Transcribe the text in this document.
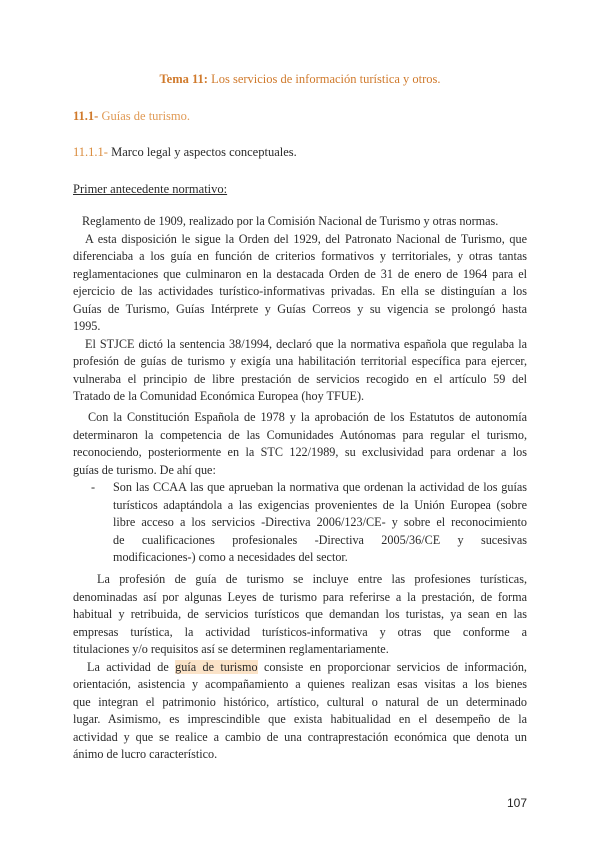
Tema 11: Los servicios de información turística y otros.
11.1- Guías de turismo.
11.1.1- Marco legal y aspectos conceptuales.
Primer antecedente normativo:
Reglamento de 1909, realizado por la Comisión Nacional de Turismo y otras normas.
A esta disposición le sigue la Orden del 1929, del Patronato Nacional de Turismo, que
diferenciaba a los guía en función de criterios formativos y territoriales, y otras tantas
reglamentaciones que culminaron en la destacada Orden de 31 de enero de 1964 para el
ejercicio de las actividades turístico-informativas privadas. En ella se distinguían a los
Guías de Turismo, Guías Intérprete y Guías Correos y su vigencia se prolongó hasta
1995.
El STJCE dictó la sentencia 38/1994, declaró que la normativa española que regulaba la
profesión de guías de turismo y exigía una habilitación territorial específica para ejercer,
vulneraba el principio de libre prestación de servicios recogido en el artículo 59 del
Tratado de la Comunidad Económica Europea (hoy TFUE).
Con la Constitución Española de 1978 y la aprobación de los Estatutos de autonomía
determinaron la competencia de las Comunidades Autónomas para regular el turismo,
reconociendo, posteriormente en la STC 122/1989, su exclusividad para ordenar a los
guías de turismo. De ahí que:
- Son las CCAA las que aprueban la normativa que ordenan la actividad de los guías
turísticos adaptándola a las exigencias provenientes de la Unión Europea (sobre
libre acceso a los servicios -Directiva 2006/123/CE- y sobre el reconocimiento
de cualificaciones profesionales -Directiva 2005/36/CE y sucesivas
modificaciones-) como a necesidades del sector.
La profesión de guía de turismo se incluye entre las profesiones turísticas,
denominadas así por algunas Leyes de turismo para referirse a la prestación, de forma
habitual y retribuida, de servicios turísticos que demandan los turistas, ya sean en las
empresas turística, la actividad turísticos-informativa y otras que conforme a
titulaciones y/o requisitos así se determinen reglamentariamente.
La actividad de guía de turismo consiste en proporcionar servicios de información,
orientación, asistencia y acompañamiento a quienes realizan esas visitas a los bienes
que integran el patrimonio histórico, artístico, cultural o natural de un determinado
lugar. Asimismo, es imprescindible que exista habitualidad en el desempeño de la
actividad y que se realice a cambio de una contraprestación económica que denota un
ánimo de lucro característico.
107
